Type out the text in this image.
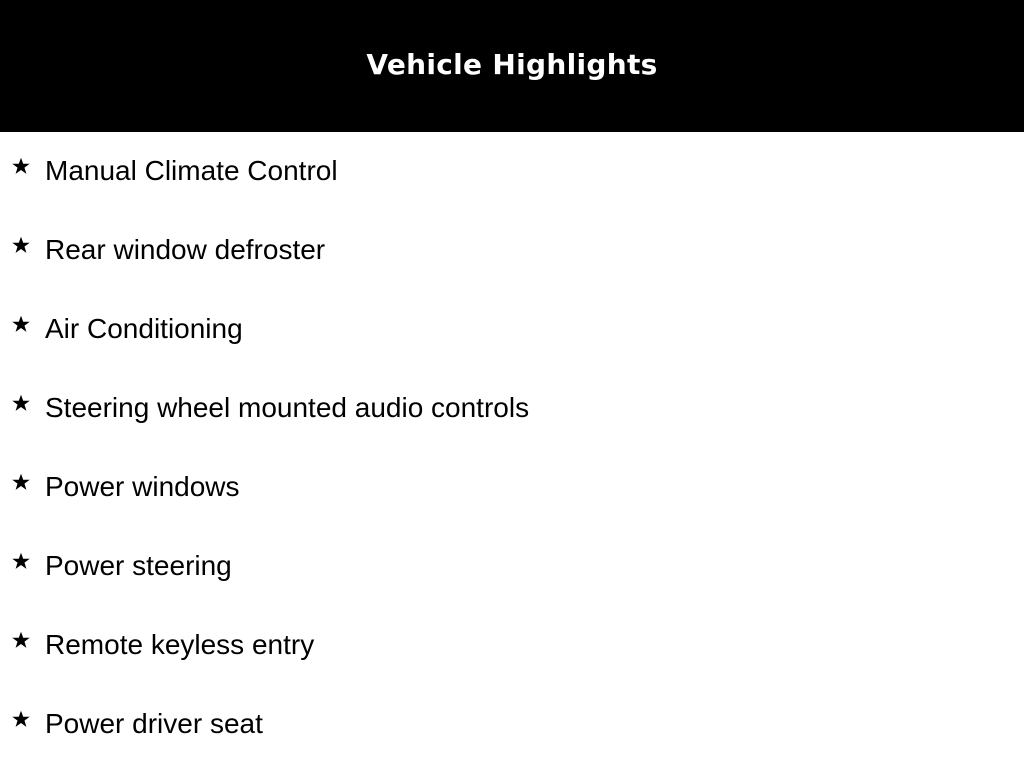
Vehicle Highlights
Manual Climate Control
Rear window defroster
Air Conditioning
Steering wheel mounted audio controls
Power windows
Power steering
Remote keyless entry
Power driver seat
